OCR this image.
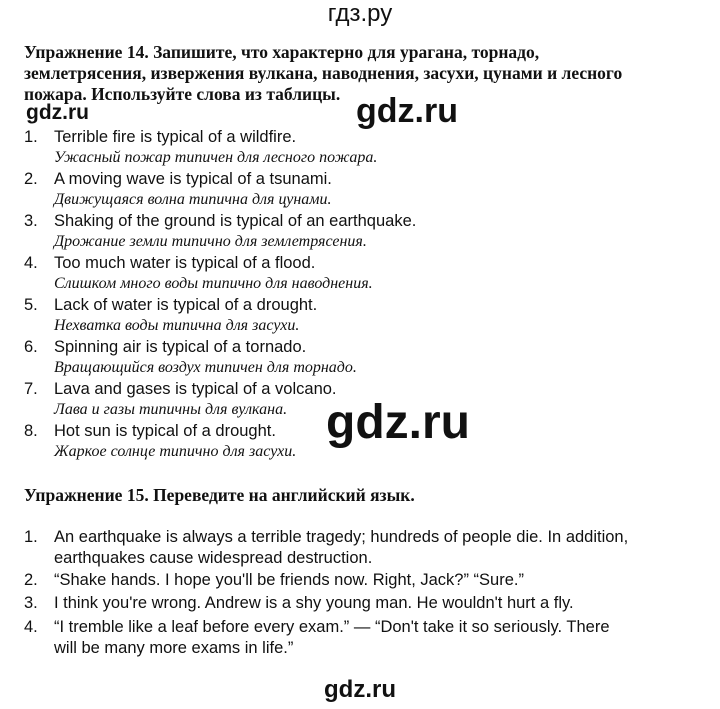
гдз.ру
Упражнение 14. Запишите, что характерно для урагана, торнадо, землетрясения, извержения вулкана, наводнения, засухи, цунами и лесного пожара. Используйте слова из таблицы. gdz.ru
gdz.ru
gdz.ru
1. Terrible fire is typical of a wildfire.
Ужасный пожар типичен для лесного пожара.
2. A moving wave is typical of a tsunami.
Движущаяся волна типична для цунами.
3. Shaking of the ground is typical of an earthquake.
Дрожание земли типично для землетрясения.
4. Too much water is typical of a flood.
Слишком много воды типично для наводнения.
5. Lack of water is typical of a drought.
Нехватка воды типична для засухи.
6. Spinning air is typical of a tornado.
Вращающийся воздух типичен для торнадо.
7. Lava and gases is typical of a volcano.
Лава и газы типичны для вулкана.
8. Hot sun is typical of a drought.
Жаркое солнце типично для засухи.
Упражнение 15. Переведите на английский язык.
1. An earthquake is always a terrible tragedy; hundreds of people die. In addition,
earthquakes cause widespread destruction.
2. “Shake hands. I hope you'll be friends now. Right, Jack?” “Sure.”
3. I think you're wrong. Andrew is a shy young man. He wouldn't hurt a fly.
4. “I tremble like a leaf before every exam.” — “Don't take it so seriously. There
will be many more exams in life.”
gdz.ru
